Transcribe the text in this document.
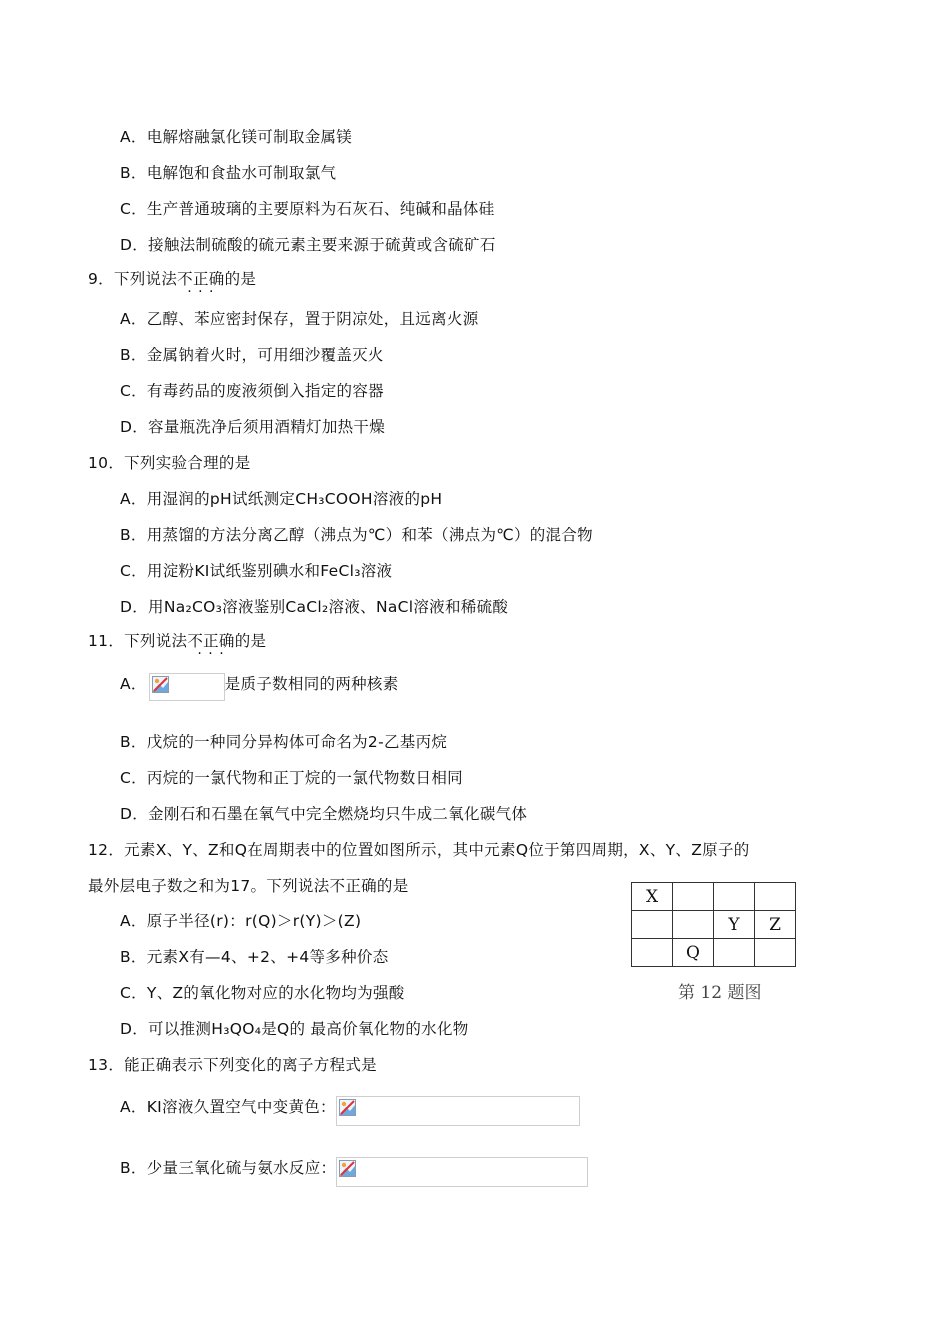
A．电解熔融氯化镁可制取金属镁
B．电解饱和食盐水可制取氯气
C．生产普通玻璃的主要原料为石灰石、纯碱和晶体硅
D．接触法制硫酸的硫元素主要来源于硫黄或含硫矿石
9．下列说法不正确 · · ·的是
A．乙醇、苯应密封保存，置于阴凉处，且远离火源
B．金属钠着火时，可用细沙覆盖灭火
C．有毒药品的废液须倒入指定的容器
D．容量瓶洗净后须用酒精灯加热干燥
10．下列实验合理的是
A．用湿润的pH试纸测定CH₃COOH溶液的pH
B．用蒸馏的方法分离乙醇（沸点为℃）和苯（沸点为℃）的混合物
C．用淀粉KI试纸鉴别碘水和FeCl₃溶液
D．用Na₂CO₃溶液鉴别CaCl₂溶液、NaCl溶液和稀硫酸
11．下列说法不正确 · · ·的是
A．	是质子数相同的两种核素
B．戊烷的一种同分异构体可命名为2-乙基丙烷
C．丙烷的一氯代物和正丁烷的一氯代物数日相同
D．金刚石和石墨在氧气中完全燃烧均只牛成二氧化碳气体
12．元素X、Y、Z和Q在周期表中的位置如图所示，其中元素Q位于第四周期，X、Y、Z原子的
最外层电子数之和为17。下列说法不正确的是
A．原子半径(r)：r(Q)＞r(Y)＞(Z)
B．元素X有—4、+2、+4等多种价态
C．Y、Z的氧化物对应的水化物均为强酸
D．可以推测H₃QO₄是Q的 最高价氧化物的水化物
X			
		Y	Z
	Q		
第 12 题图
13．能正确表示下列变化的离子方程式是
A．KI溶液久置空气中变黄色：
B．少量三氧化硫与氨水反应：
